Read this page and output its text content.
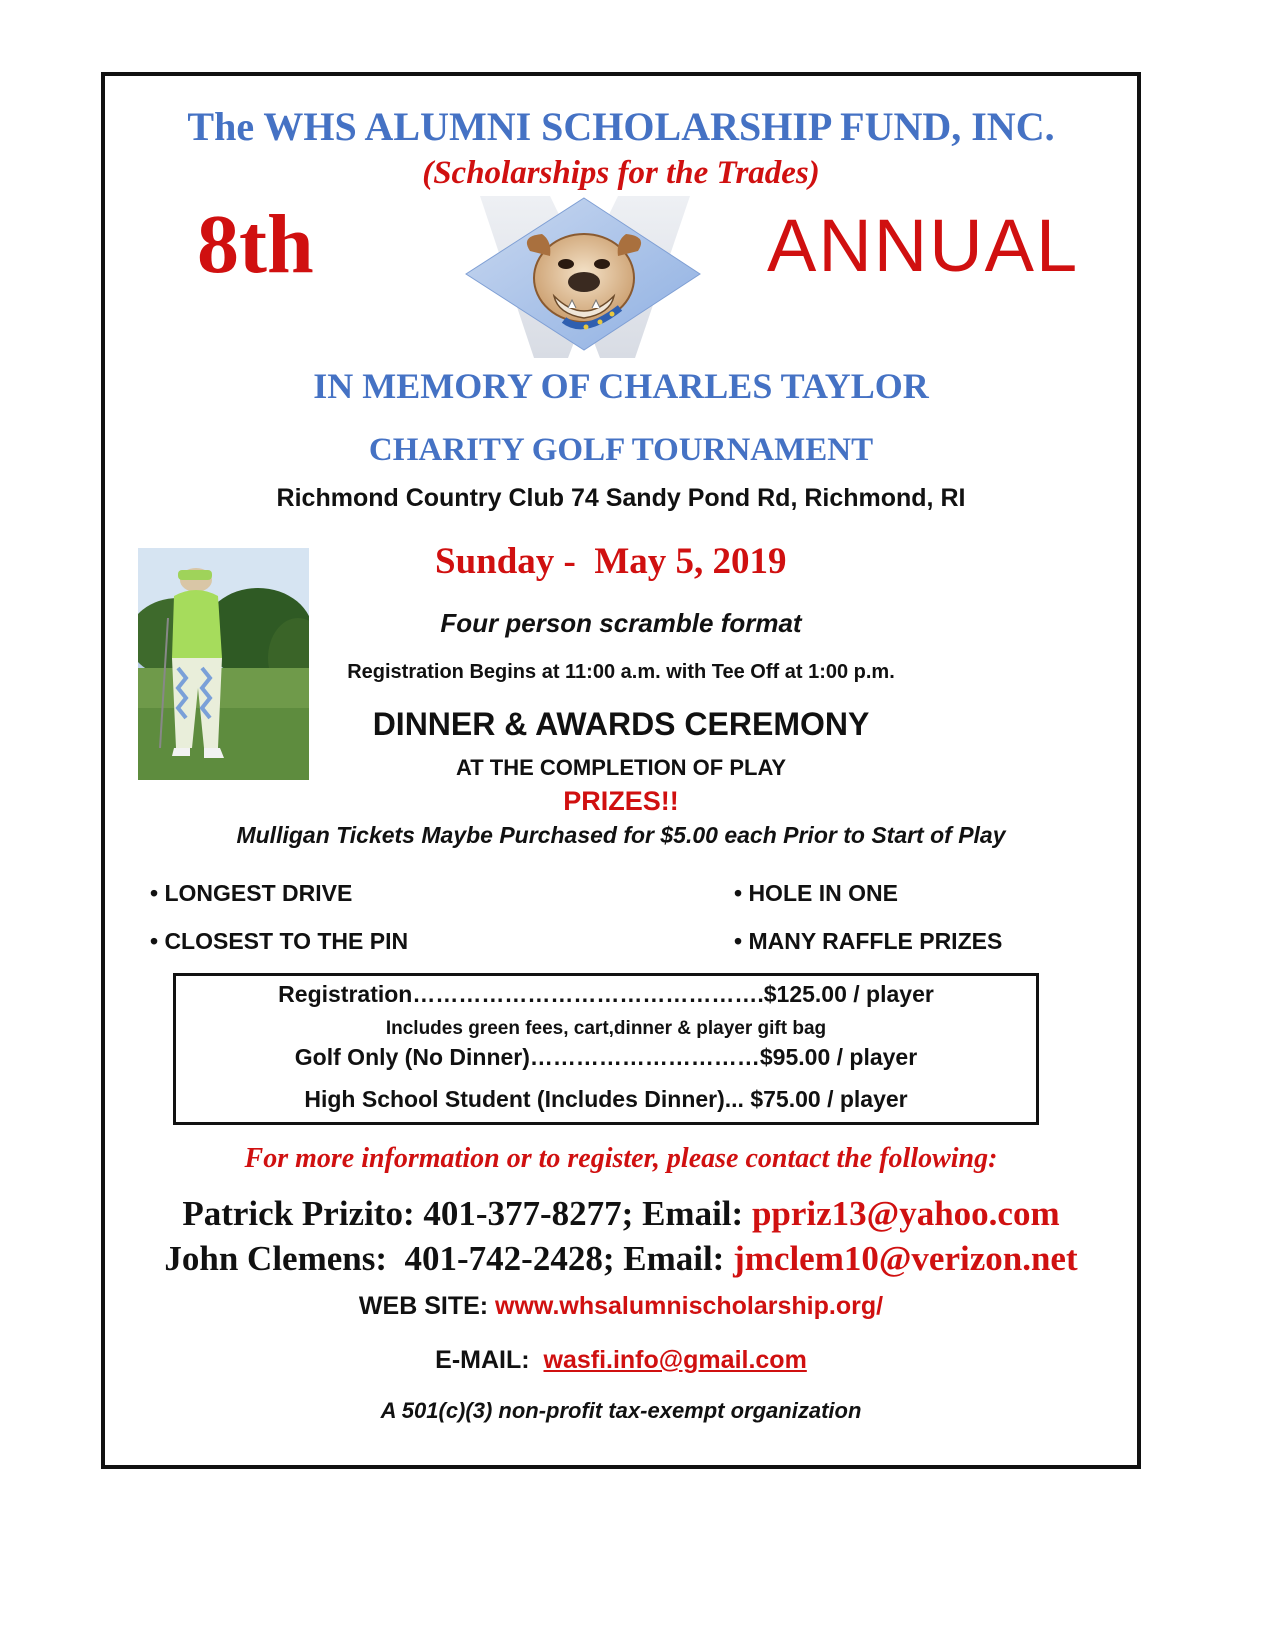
The WHS ALUMNI SCHOLARSHIP FUND, INC.
(Scholarships for the Trades)
8th	ANNUAL
IN MEMORY OF CHARLES TAYLOR
CHARITY GOLF TOURNAMENT
Richmond Country Club 74 Sandy Pond Rd, Richmond, RI
Sunday -  May 5, 2019
Four person scramble format
Registration Begins at 11:00 a.m. with Tee Off at 1:00 p.m.
DINNER & AWARDS CEREMONY
AT THE COMPLETION OF PLAY
PRIZES!!
Mulligan Tickets Maybe Purchased for $5.00 each Prior to Start of Play
• LONGEST DRIVE
• CLOSEST TO THE PIN
• HOLE IN ONE
• MANY RAFFLE PRIZES
Registration……………………………………….$125.00 / player
Includes green fees, cart,dinner & player gift bag
Golf Only (No Dinner)…………………………$95.00 / player
High School Student (Includes Dinner)... $75.00 / player
For more information or to register, please contact the following:
Patrick Prizito: 401-377-8277; Email: ppriz13@yahoo.com
John Clemens:  401-742-2428; Email: jmclem10@verizon.net
WEB SITE: www.whsalumnischolarship.org/
E-MAIL:  wasfi.info@gmail.com
A 501(c)(3) non-profit tax-exempt organization
